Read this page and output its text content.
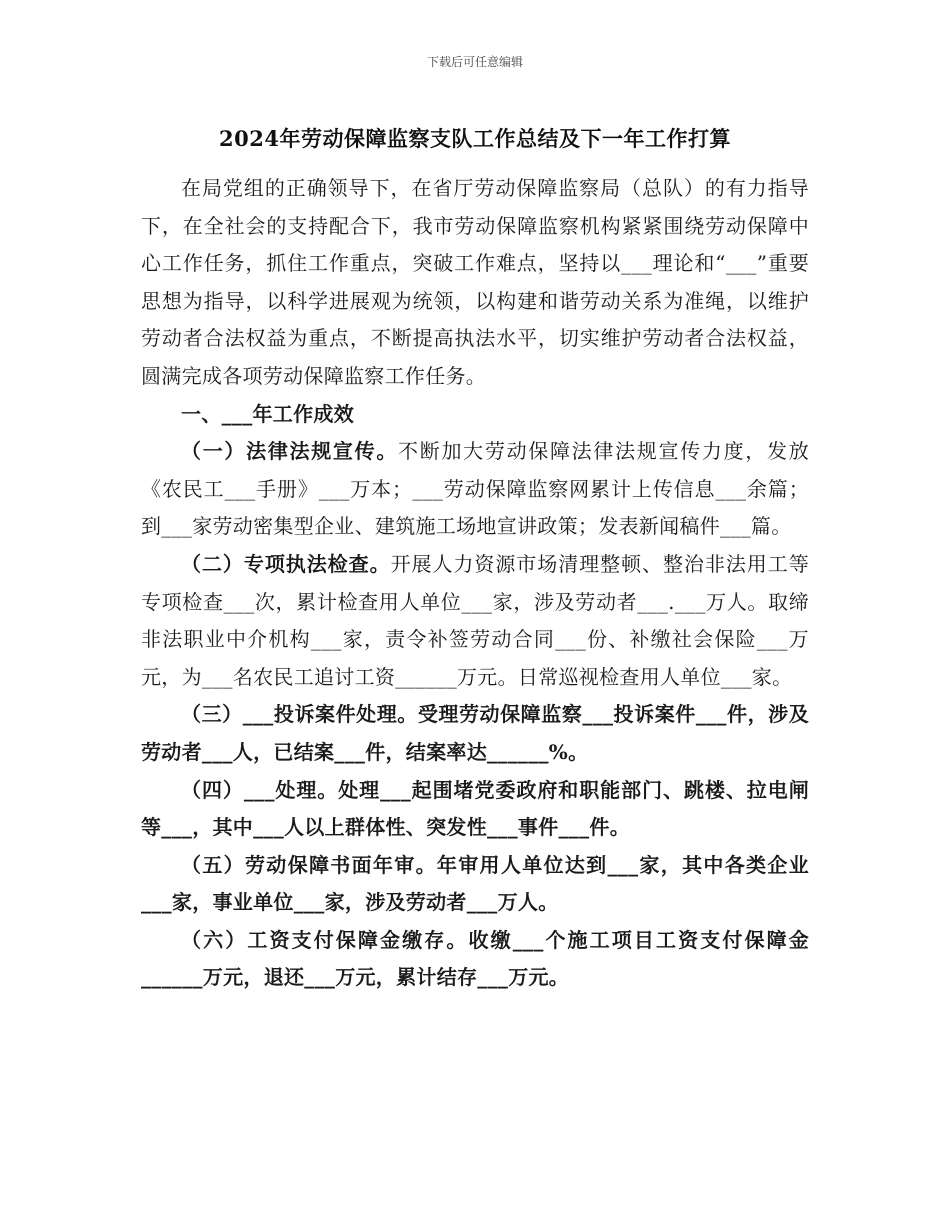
下载后可任意编辑
2024年劳动保障监察支队工作总结及下一年工作打算

在局党组的正确领导下，在省厅劳动保障监察局（总队）的有力指导下，在全社会的支持配合下，我市劳动保障监察机构紧紧围绕劳动保障中心工作任务，抓住工作重点，突破工作难点，坚持以___理论和“___”重要思想为指导，以科学进展观为统领，以构建和谐劳动关系为准绳，以维护劳动者合法权益为重点，不断提高执法水平，切实维护劳动者合法权益，圆满完成各项劳动保障监察工作任务。

一、___年工作成效

（一）法律法规宣传。不断加大劳动保障法律法规宣传力度，发放《农民工___手册》___万本；___劳动保障监察网累计上传信息___余篇；到___家劳动密集型企业、建筑施工场地宣讲政策；发表新闻稿件___篇。

（二）专项执法检查。开展人力资源市场清理整顿、整治非法用工等专项检查___次，累计检查用人单位___家，涉及劳动者___.___万人。取缔非法职业中介机构___家，责令补签劳动合同___份、补缴社会保险___万元，为___名农民工追讨工资______万元。日常巡视检查用人单位___家。

（三）___投诉案件处理。受理劳动保障监察___投诉案件___件，涉及劳动者___人，已结案___件，结案率达______%。

（四）___处理。处理___起围堵党委政府和职能部门、跳楼、拉电闸等___，其中___人以上群体性、突发性___事件___件。

（五）劳动保障书面年审。年审用人单位达到___家，其中各类企业___家，事业单位___家，涉及劳动者___万人。

（六）工资支付保障金缴存。收缴___个施工项目工资支付保障金______万元，退还___万元，累计结存___万元。
